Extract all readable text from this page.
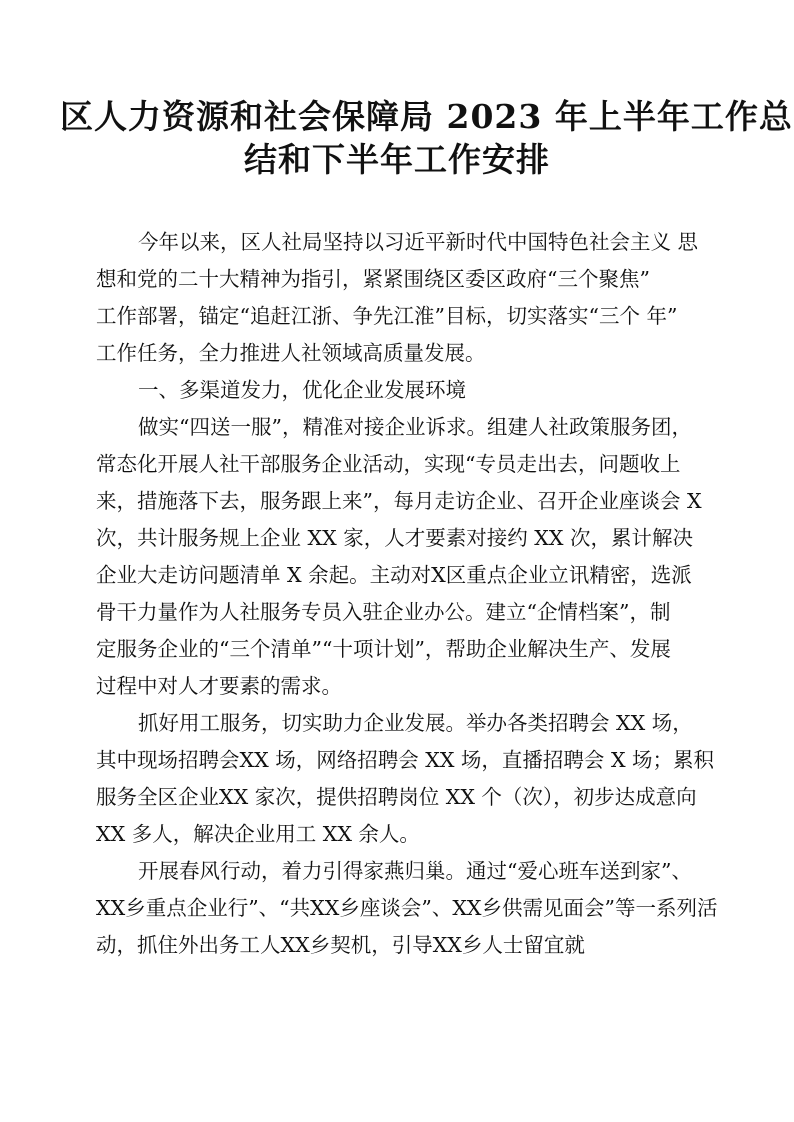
区人力资源和社会保障局 2023 年上半年工作总
结和下半年工作安排
今年以来，区人社局坚持以习近平新时代中国特色社会主义 思
想和党的二十大精神为指引，紧紧围绕区委区政府“三个聚焦”
工作部署，锚定“追赶江浙、争先江淮”目标，切实落实“三个 年”
工作任务，全力推进人社领域高质量发展。
一、多渠道发力，优化企业发展环境
做实“四送一服”，精准对接企业诉求。组建人社政策服务团，
常态化开展人社干部服务企业活动，实现“专员走出去，问题收上
来，措施落下去，服务跟上来”，每月走访企业、召开企业座谈会 X
次，共计服务规上企业 XX 家，人才要素对接约 XX 次，累计解决
企业大走访问题清单 X 余起。主动对X区重点企业立讯精密，选派
骨干力量作为人社服务专员入驻企业办公。建立“企情档案”，制
定服务企业的“三个清单”“十项计划”，帮助企业解决生产、发展
过程中对人才要素的需求。
抓好用工服务，切实助力企业发展。举办各类招聘会 XX 场，
其中现场招聘会XX 场，网络招聘会 XX 场，直播招聘会 X 场；累积
服务全区企业XX 家次，提供招聘岗位 XX 个（次），初步达成意向
XX 多人，解决企业用工 XX 余人。
开展春风行动，着力引得家燕归巢。通过“爱心班车送到家”、
XX乡重点企业行”、“共XX乡座谈会”、XX乡供需见面会”等一系列活
动，抓住外出务工人XX乡契机，引导XX乡人士留宜就
